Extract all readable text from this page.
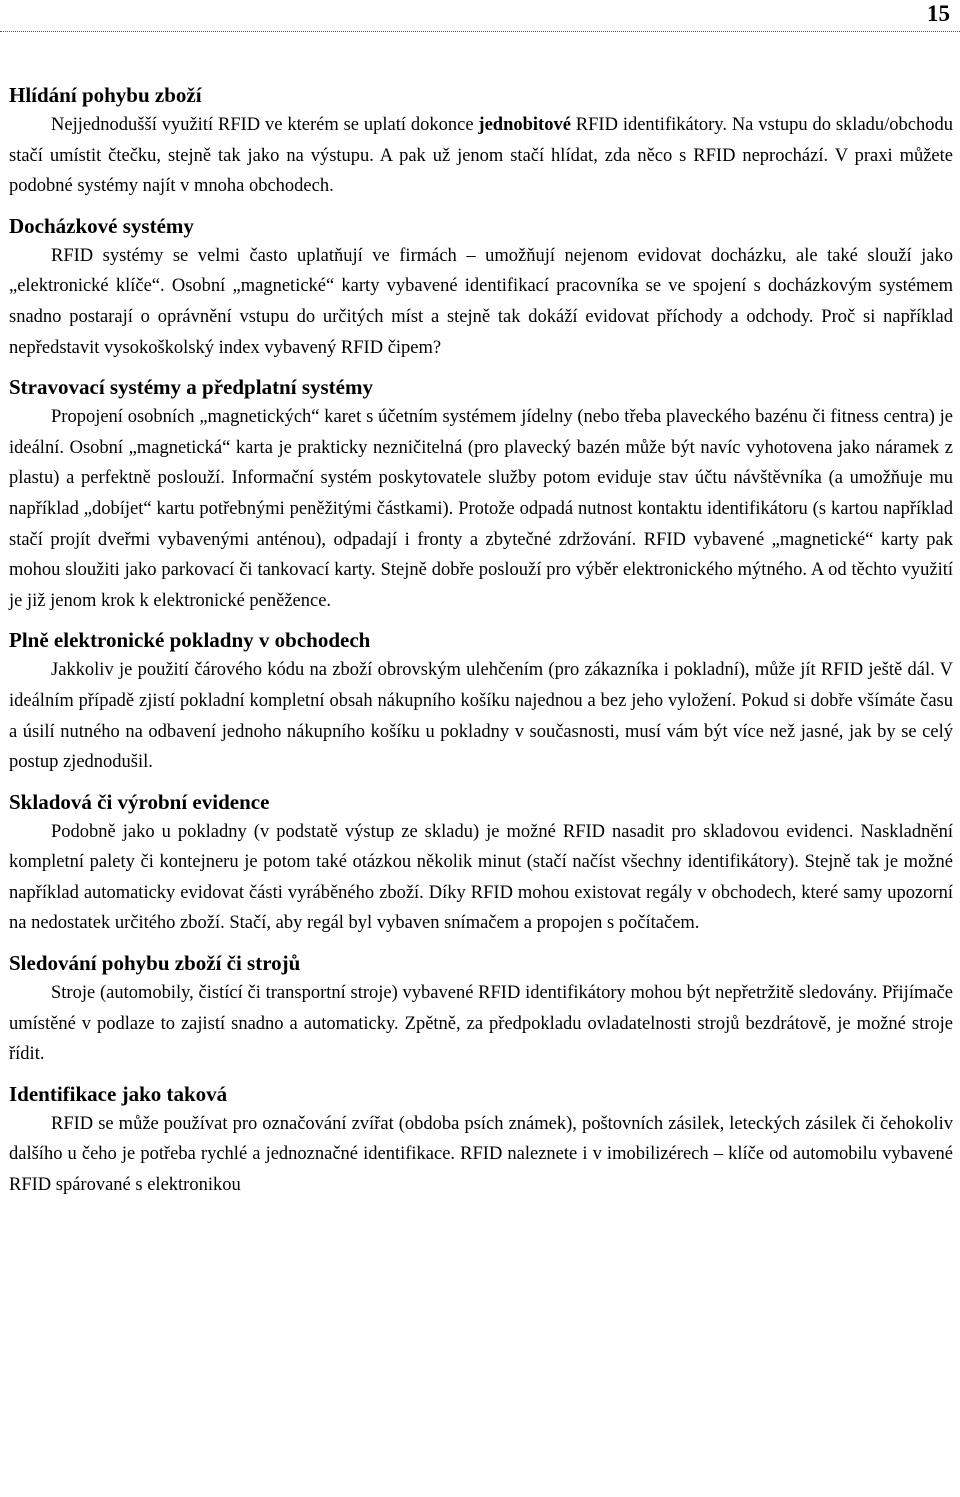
15
Hlídání pohybu zboží

Nejjednodušší využití RFID ve kterém se uplatí dokonce jednobitové RFID identifikátory. Na vstupu do skladu/obchodu stačí umístit čtečku, stejně tak jako na výstupu. A pak už jenom stačí hlídat, zda něco s RFID neprochází. V praxi můžete podobné systémy najít v mnoha obchodech.

Docházkové systémy

RFID systémy se velmi často uplatňují ve firmách – umožňují nejenom evidovat docházku, ale také slouží jako „elektronické klíče“. Osobní „magnetické“ karty vybavené identifikací pracovníka se ve spojení s docházkovým systémem snadno postarají o oprávnění vstupu do určitých míst a stejně tak dokáží evidovat příchody a odchody. Proč si například nepředstavit vysokoškolský index vybavený RFID čipem?

Stravovací systémy a předplatní systémy

Propojení osobních „magnetických“ karet s účetním systémem jídelny (nebo třeba plaveckého bazénu či fitness centra) je ideální. Osobní „magnetická“ karta je prakticky nezničitelná (pro plavecký bazén může být navíc vyhotovena jako náramek z plastu) a perfektně poslouží. Informační systém poskytovatele služby potom eviduje stav účtu návštěvníka (a umožňuje mu například „dobíjet“ kartu potřebnými peněžitými částkami). Protože odpadá nutnost kontaktu identifikátoru (s kartou například stačí projít dveřmi vybavenými anténou), odpadají i fronty a zbytečné zdržování. RFID vybavené „magnetické“ karty pak mohou sloužiti jako parkovací či tankovací karty. Stejně dobře poslouží pro výběr elektronického mýtného. A od těchto využití je již jenom krok k elektronické peněžence.

Plně elektronické pokladny v obchodech

Jakkoliv je použití čárového kódu na zboží obrovským ulehčením (pro zákazníka i pokladní), může jít RFID ještě dál. V ideálním případě zjistí pokladní kompletní obsah nákupního košíku najednou a bez jeho vyložení. Pokud si dobře všímáte času a úsilí nutného na odbavení jednoho nákupního košíku u pokladny v současnosti, musí vám být více než jasné, jak by se celý postup zjednodušil.

Skladová či výrobní evidence

Podobně jako u pokladny (v podstatě výstup ze skladu) je možné RFID nasadit pro skladovou evidenci. Naskladnění kompletní palety či kontejneru je potom také otázkou několik minut (stačí načíst všechny identifikátory). Stejně tak je možné například automaticky evidovat části vyráběného zboží. Díky RFID mohou existovat regály v obchodech, které samy upozorní na nedostatek určitého zboží. Stačí, aby regál byl vybaven snímačem a propojen s počítačem.

Sledování pohybu zboží či strojů

Stroje (automobily, čistící či transportní stroje) vybavené RFID identifikátory mohou být nepřetržitě sledovány. Přijímače umístěné v podlaze to zajistí snadno a automaticky. Zpětně, za předpokladu ovladatelnosti strojů bezdrátově, je možné stroje řídit.

Identifikace jako taková

RFID se může používat pro označování zvířat (obdoba psích známek), poštovních zásilek, leteckých zásilek či čehokoliv dalšího u čeho je potřeba rychlé a jednoznačné identifikace. RFID naleznete i v imobilizérech – klíče od automobilu vybavené RFID spárované s elektronikou
